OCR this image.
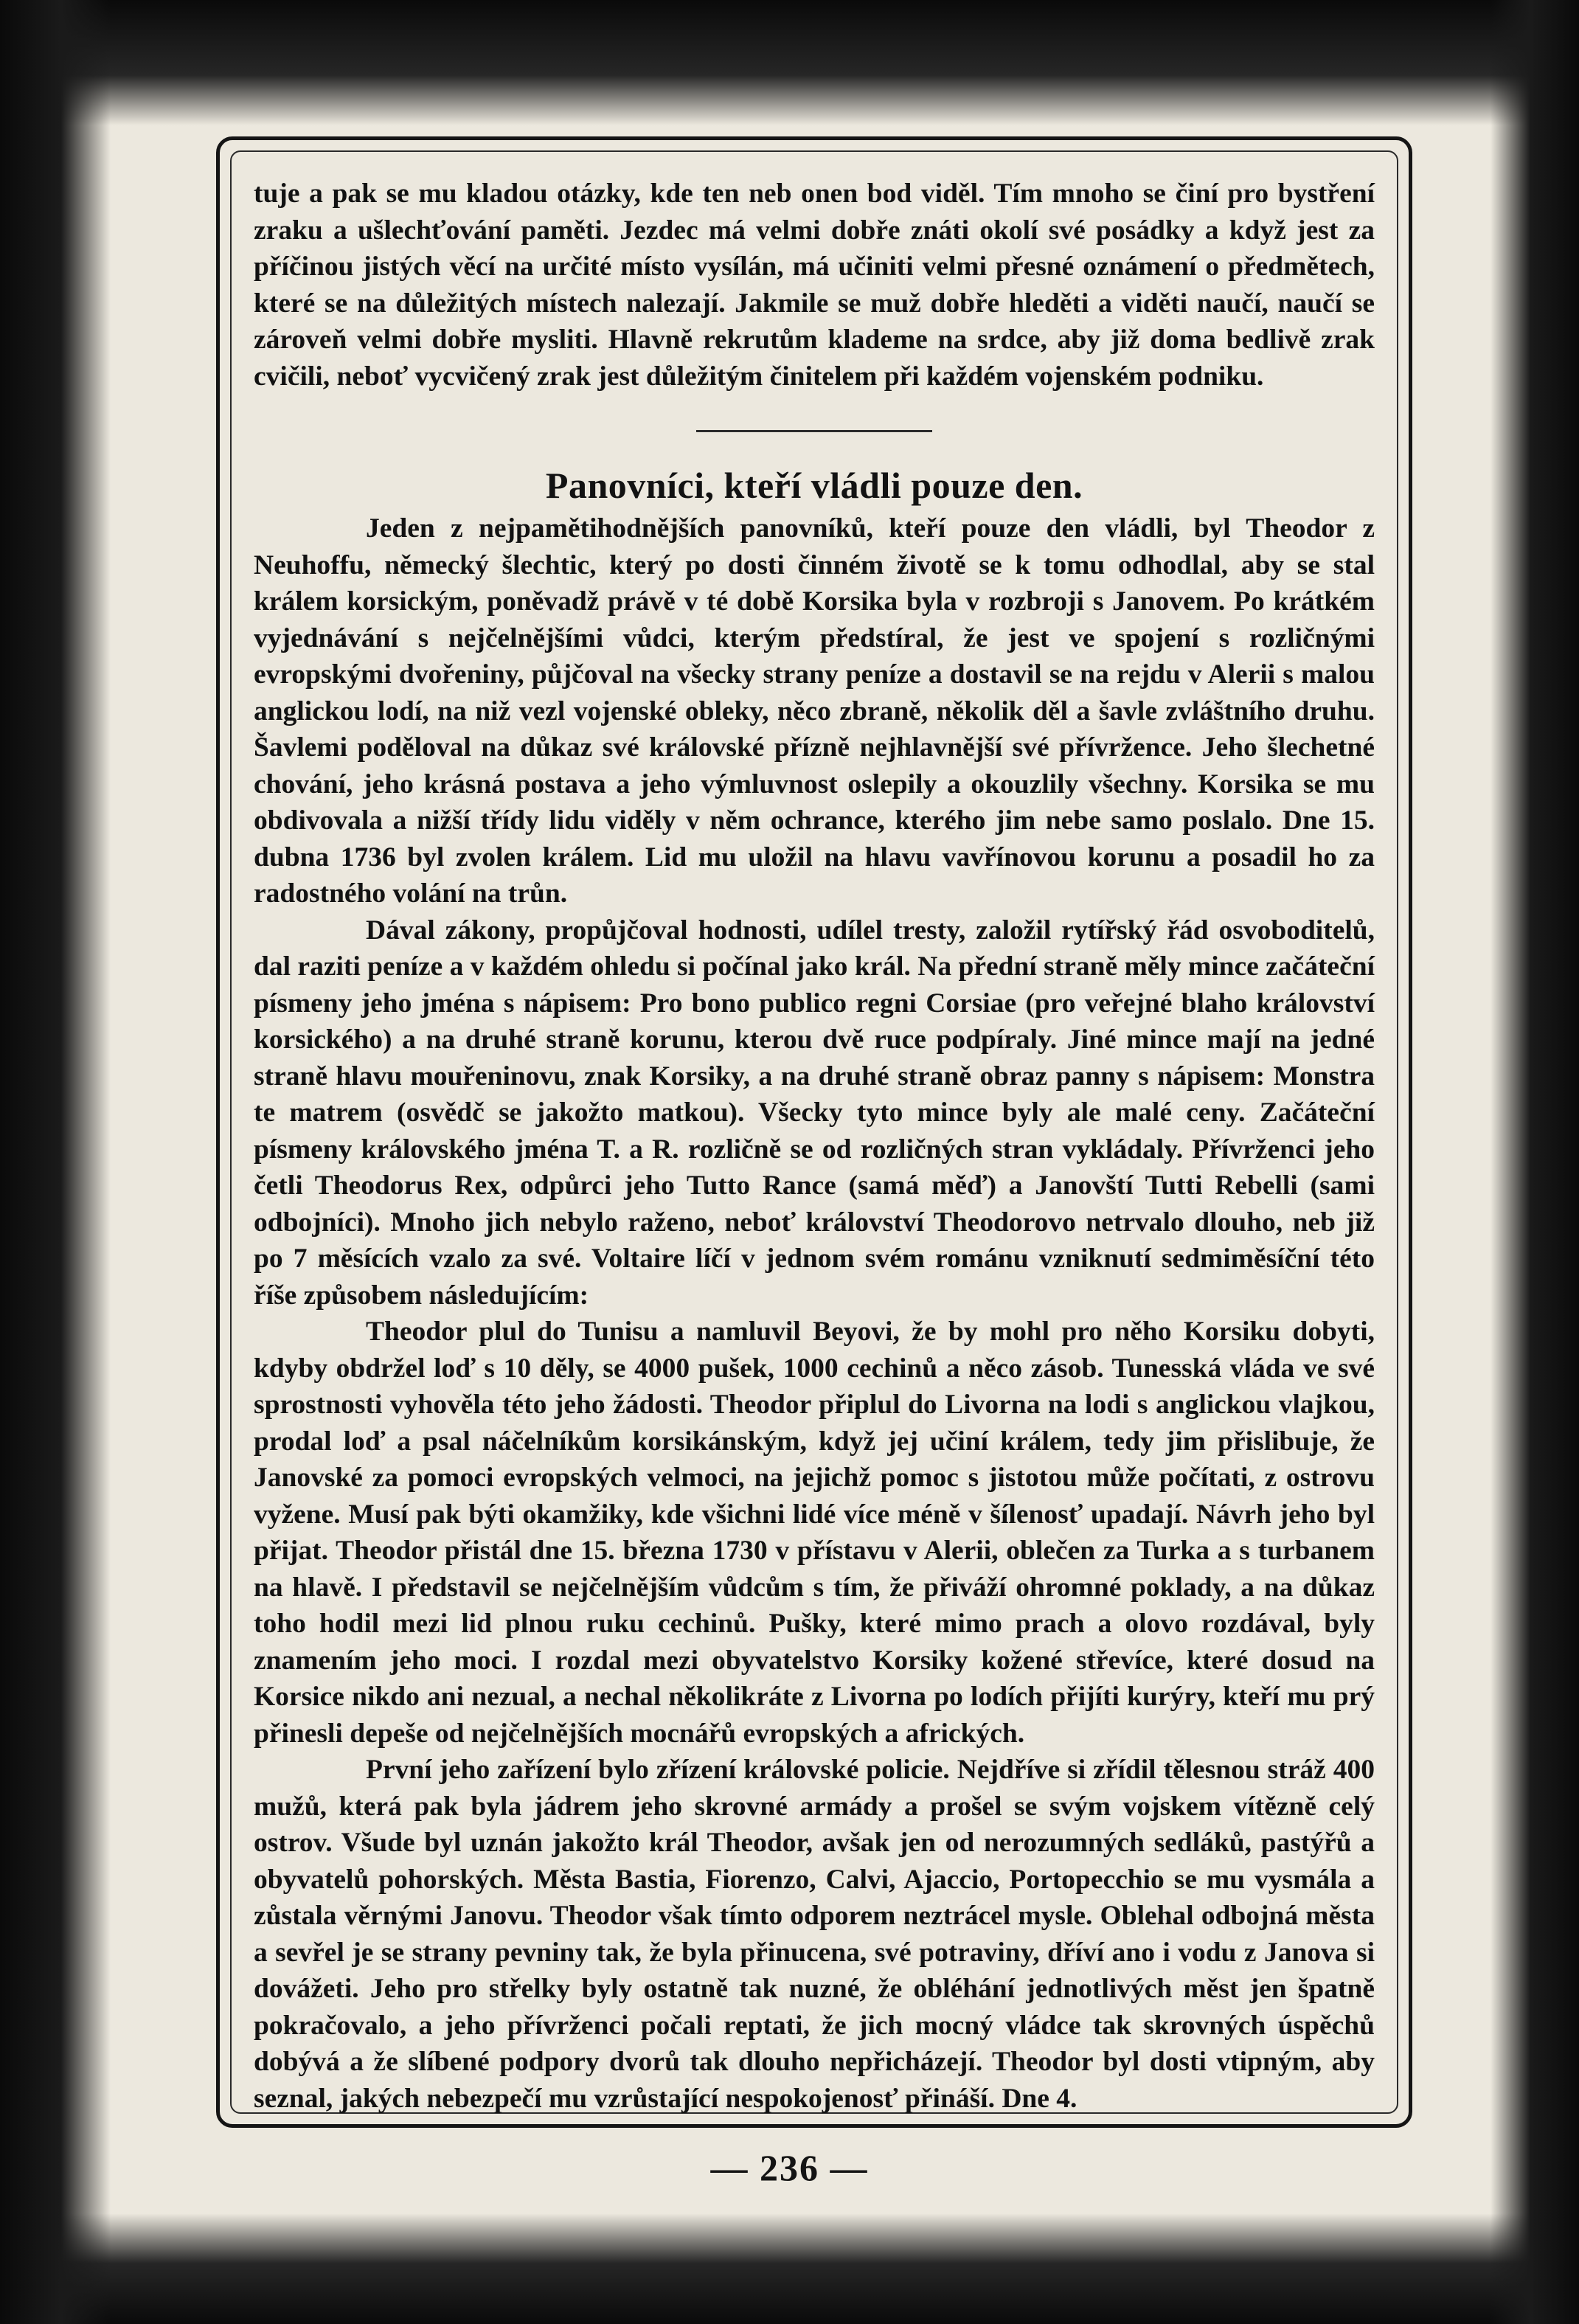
tuje a pak se mu kladou otázky, kde ten neb onen bod viděl. Tím mnoho se činí pro bystření zraku a ušlechťování paměti. Jezdec má velmi dobře znáti okolí své posádky a když jest za příčinou jistých věcí na určité místo vysílán, má učiniti velmi přesné oznámení o předmětech, které se na důležitých místech nalezají. Jakmile se muž dobře hleděti a viděti naučí, naučí se zároveň velmi dobře mysliti. Hlavně rekrutům klademe na srdce, aby již doma bedlivě zrak cvičili, neboť vycvičený zrak jest důležitým činitelem při každém vojenském podniku.

Panovníci, kteří vládli pouze den.

Jeden z nejpamětihodnějších panovníků, kteří pouze den vládli, byl Theodor z Neuhoffu, německý šlechtic, který po dosti činném životě se k tomu odhodlal, aby se stal králem korsickým, poněvadž právě v té době Korsika byla v rozbroji s Janovem. Po krátkém vyjednávání s nejčelnějšími vůdci, kterým předstíral, že jest ve spojení s rozličnými evropskými dvořeniny, půjčoval na všecky strany peníze a dostavil se na rejdu v Alerii s malou anglickou lodí, na niž vezl vojenské obleky, něco zbraně, několik děl a šavle zvláštního druhu. Šavlemi poděloval na důkaz své královské přízně nejhlavnější své přívržence. Jeho šlechetné chování, jeho krásná postava a jeho výmluvnost oslepily a okouzlily všechny. Korsika se mu obdivovala a nižší třídy lidu viděly v něm ochrance, kterého jim nebe samo poslalo. Dne 15. dubna 1736 byl zvolen králem. Lid mu uložil na hlavu vavřínovou korunu a posadil ho za radostného volání na trůn.

Dával zákony, propůjčoval hodnosti, udílel tresty, založil rytířský řád osvoboditelů, dal raziti peníze a v každém ohledu si počínal jako král. Na přední straně měly mince začáteční písmeny jeho jména s nápisem: Pro bono publico regni Corsiae (pro veřejné blaho království korsického) a na druhé straně korunu, kterou dvě ruce podpíraly. Jiné mince mají na jedné straně hlavu mouřeninovu, znak Korsiky, a na druhé straně obraz panny s nápisem: Monstra te matrem (osvědč se jakožto matkou). Všecky tyto mince byly ale malé ceny. Začáteční písmeny královského jména T. a R. rozličně se od rozličných stran vykládaly. Přívrženci jeho četli Theodorus Rex, odpůrci jeho Tutto Rance (samá měď) a Janovští Tutti Rebelli (sami odbojníci). Mnoho jich nebylo raženo, neboť království Theodorovo netrvalo dlouho, neb již po 7 měsících vzalo za své. Voltaire líčí v jednom svém románu vzniknutí sedmiměsíční této říše způsobem následujícím:

Theodor plul do Tunisu a namluvil Beyovi, že by mohl pro něho Korsiku dobyti, kdyby obdržel loď s 10 děly, se 4000 pušek, 1000 cechinů a něco zásob. Tunesská vláda ve své sprostnosti vyhověla této jeho žádosti. Theodor připlul do Livorna na lodi s anglickou vlajkou, prodal loď a psal náčelníkům korsikánským, když jej učiní králem, tedy jim přislibuje, že Janovské za pomoci evropských velmoci, na jejichž pomoc s jistotou může počítati, z ostrovu vyžene. Musí pak býti okamžiky, kde všichni lidé více méně v šílenosť upadají. Návrh jeho byl přijat. Theodor přistál dne 15. března 1730 v přístavu v Alerii, oblečen za Turka a s turbanem na hlavě. I představil se nejčelnějším vůdcům s tím, že přiváží ohromné poklady, a na důkaz toho hodil mezi lid plnou ruku cechinů. Pušky, které mimo prach a olovo rozdával, byly znamením jeho moci. I rozdal mezi obyvatelstvo Korsiky kožené střevíce, které dosud na Korsice nikdo ani nezual, a nechal několikráte z Livorna po lodích přijíti kurýry, kteří mu prý přinesli depeše od nejčelnějších mocnářů evropských a afrických.

První jeho zařízení bylo zřízení královské policie. Nejdříve si zřídil tělesnou stráž 400 mužů, která pak byla jádrem jeho skrovné armády a prošel se svým vojskem vítězně celý ostrov. Všude byl uznán jakožto král Theodor, avšak jen od nerozumných sedláků, pastýřů a obyvatelů pohorských. Města Bastia, Fiorenzo, Calvi, Ajaccio, Portopecchio se mu vysmála a zůstala věrnými Janovu. Theodor však tímto odporem neztrácel mysle. Oblehal odbojná města a sevřel je se strany pevniny tak, že byla přinucena, své potraviny, dříví ano i vodu z Janova si dovážeti. Jeho pro střelky byly ostatně tak nuzné, že obléhání jednotlivých měst jen špatně pokračovalo, a jeho přívrženci počali reptati, že jich mocný vládce tak skrovných úspěchů dobývá a že slíbené podpory dvorů tak dlouho nepřicházejí. Theodor byl dosti vtipným, aby seznal, jakých nebezpečí mu vzrůstající nespokojenosť přináší. Dne 4.

— 236 —
